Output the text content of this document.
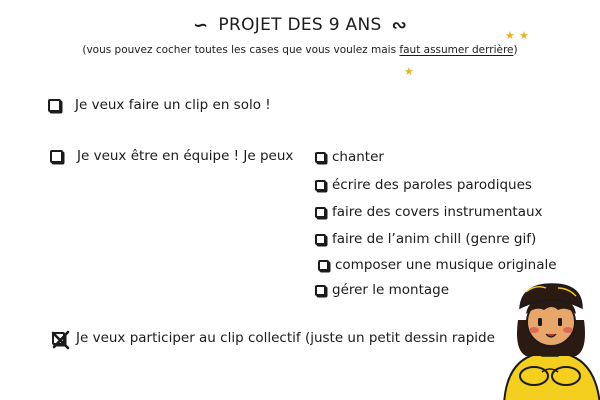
∽ PROJET DES 9 ANS ∾
(vous pouvez cocher toutes les cases que vous voulez mais faut assumer derrière)
★ ★
★
Je veux faire un clip en solo !
Je veux être en équipe ! Je peux	chanter
écrire des paroles parodiques
faire des covers instrumentaux
faire de l’anim chill (genre gif)
composer une musique originale
gérer le montage
Je veux participer au clip collectif (juste un petit dessin rapide
